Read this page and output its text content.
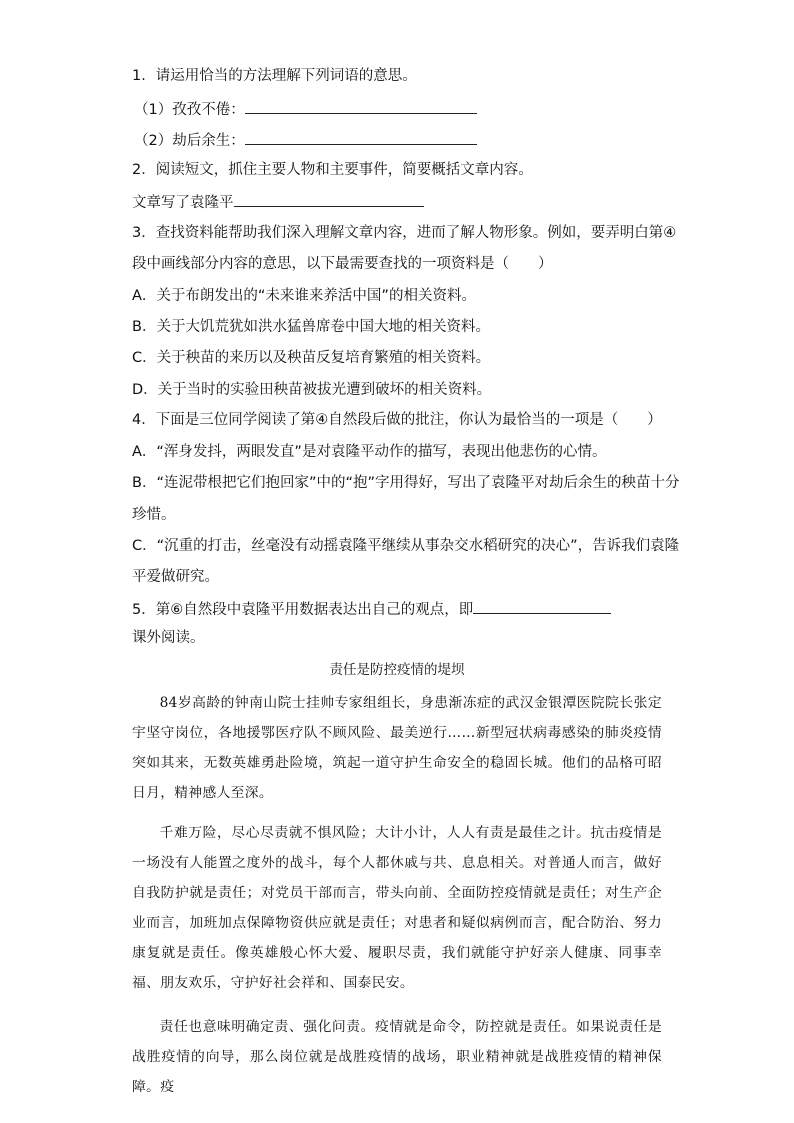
1．请运用恰当的方法理解下列词语的意思。
（1）孜孜不倦：
（2）劫后余生：
2．阅读短文，抓住主要人物和主要事件，简要概括文章内容。
文章写了袁隆平
3．查找资料能帮助我们深入理解文章内容，进而了解人物形象。例如，要弄明白第④
段中画线部分内容的意思，以下最需要查找的一项资料是（　　）
A．关于布朗发出的“未来谁来养活中国”的相关资料。
B．关于大饥荒犹如洪水猛兽席卷中国大地的相关资料。
C．关于秧苗的来历以及秧苗反复培育繁殖的相关资料。
D．关于当时的实验田秧苗被拔光遭到破坏的相关资料。
4．下面是三位同学阅读了第④自然段后做的批注，你认为最恰当的一项是（　　）
A．“浑身发抖，两眼发直”是对袁隆平动作的描写，表现出他悲伤的心情。
B．“连泥带根把它们抱回家”中的“抱”字用得好，写出了袁隆平对劫后余生的秧苗十分
珍惜。
C．“沉重的打击，丝毫没有动摇袁隆平继续从事杂交水稻研究的决心”，告诉我们袁隆
平爱做研究。
5．第⑥自然段中袁隆平用数据表达出自己的观点，即
课外阅读。
责任是防控疫情的堤坝
84岁高龄的钟南山院士挂帅专家组组长，身患渐冻症的武汉金银潭医院院长张定宇坚守岗位，各地援鄂医疗队不顾风险、最美逆行……新型冠状病毒感染的肺炎疫情突如其来，无数英雄勇赴险境，筑起一道守护生命安全的稳固长城。他们的品格可昭日月，精神感人至深。
千难万险，尽心尽责就不惧风险；大计小计，人人有责是最佳之计。抗击疫情是一场没有人能置之度外的战斗，每个人都休戚与共、息息相关。对普通人而言，做好自我防护就是责任；对党员干部而言，带头向前、全面防控疫情就是责任；对生产企业而言，加班加点保障物资供应就是责任；对患者和疑似病例而言，配合防治、努力康复就是责任。像英雄般心怀大爱、履职尽责，我们就能守护好亲人健康、同事幸福、朋友欢乐，守护好社会祥和、国泰民安。
责任也意味明确定责、强化问责。疫情就是命令，防控就是责任。如果说责任是战胜疫情的向导，那么岗位就是战胜疫情的战场，职业精神就是战胜疫情的精神保障。疫
